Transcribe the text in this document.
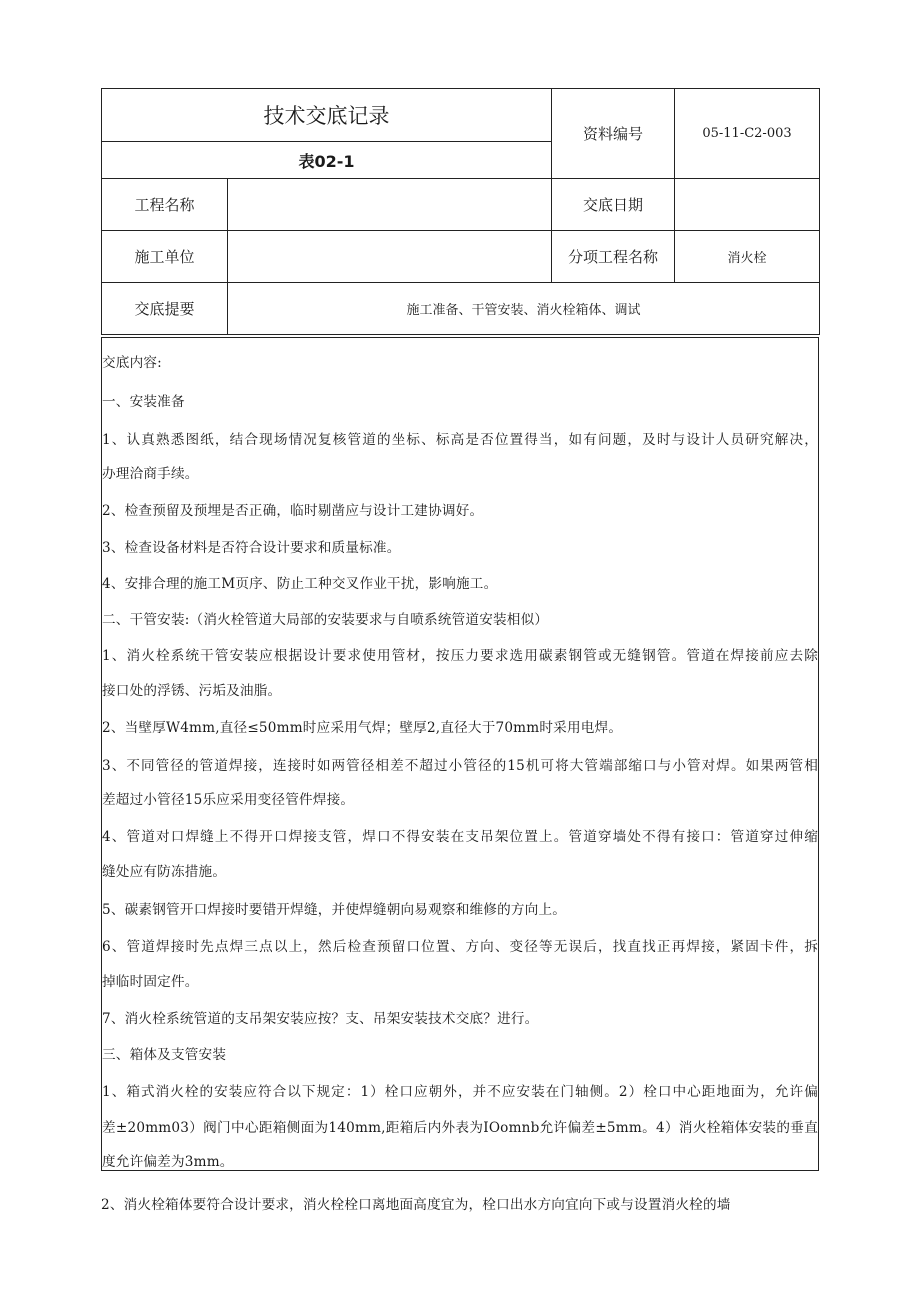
技术交底记录		资料编号	05-11-C2-003
表02-1			
工程名称		交底日期	
施工单位		分项工程名称	消火栓
交底提要	施工准备、干管安装、消火栓箱体、调试		
交底内容:
一、安装准备
1、认真熟悉图纸，结合现场情况复核管道的坐标、标高是否位置得当，如有问题，及时与设计人员研究解决，
办理洽商手续。
2、检查预留及预埋是否正确，临时剔凿应与设计工建协调好。
3、检查设备材料是否符合设计要求和质量标准。
4、安排合理的施工M页序、防止工种交叉作业干扰，影响施工。
二、干管安装:（消火栓管道大局部的安装要求与自喷系统管道安装相似）
1、消火栓系统干管安装应根据设计要求使用管材，按压力要求选用碳素钢管或无缝钢管。管道在焊接前应去除
接口处的浮锈、污垢及油脂。
2、当壁厚W4mm,直径≤50mm时应采用气焊；壁厚2,直径大于70mm时采用电焊。
3、不同管径的管道焊接，连接时如两管径相差不超过小管径的15机可将大管端部缩口与小管对焊。如果两管相
差超过小管径15乐应采用变径管件焊接。
4、管道对口焊缝上不得开口焊接支管，焊口不得安装在支吊架位置上。管道穿墙处不得有接口：管道穿过伸缩
缝处应有防冻措施。
5、碳素钢管开口焊接时要错开焊缝，并使焊缝朝向易观察和维修的方向上。
6、管道焊接时先点焊三点以上，然后检查预留口位置、方向、变径等无误后，找直找正再焊接，紧固卡件，拆
掉临时固定件。
7、消火栓系统管道的支吊架安装应按？支、吊架安装技术交底？进行。
三、箱体及支管安装
1、箱式消火栓的安装应符合以下规定：1）栓口应朝外，并不应安装在门轴侧。2）栓口中心距地面为，允许偏
差±20mm03）阀门中心距箱侧面为140mm,距箱后内外表为IOomnb允许偏差±5mm。4）消火栓箱体安装的垂直
度允许偏差为3mm。
2、消火栓箱体要符合设计要求，消火栓栓口离地面高度宜为，栓口出水方向宜向下或与设置消火栓的墙
